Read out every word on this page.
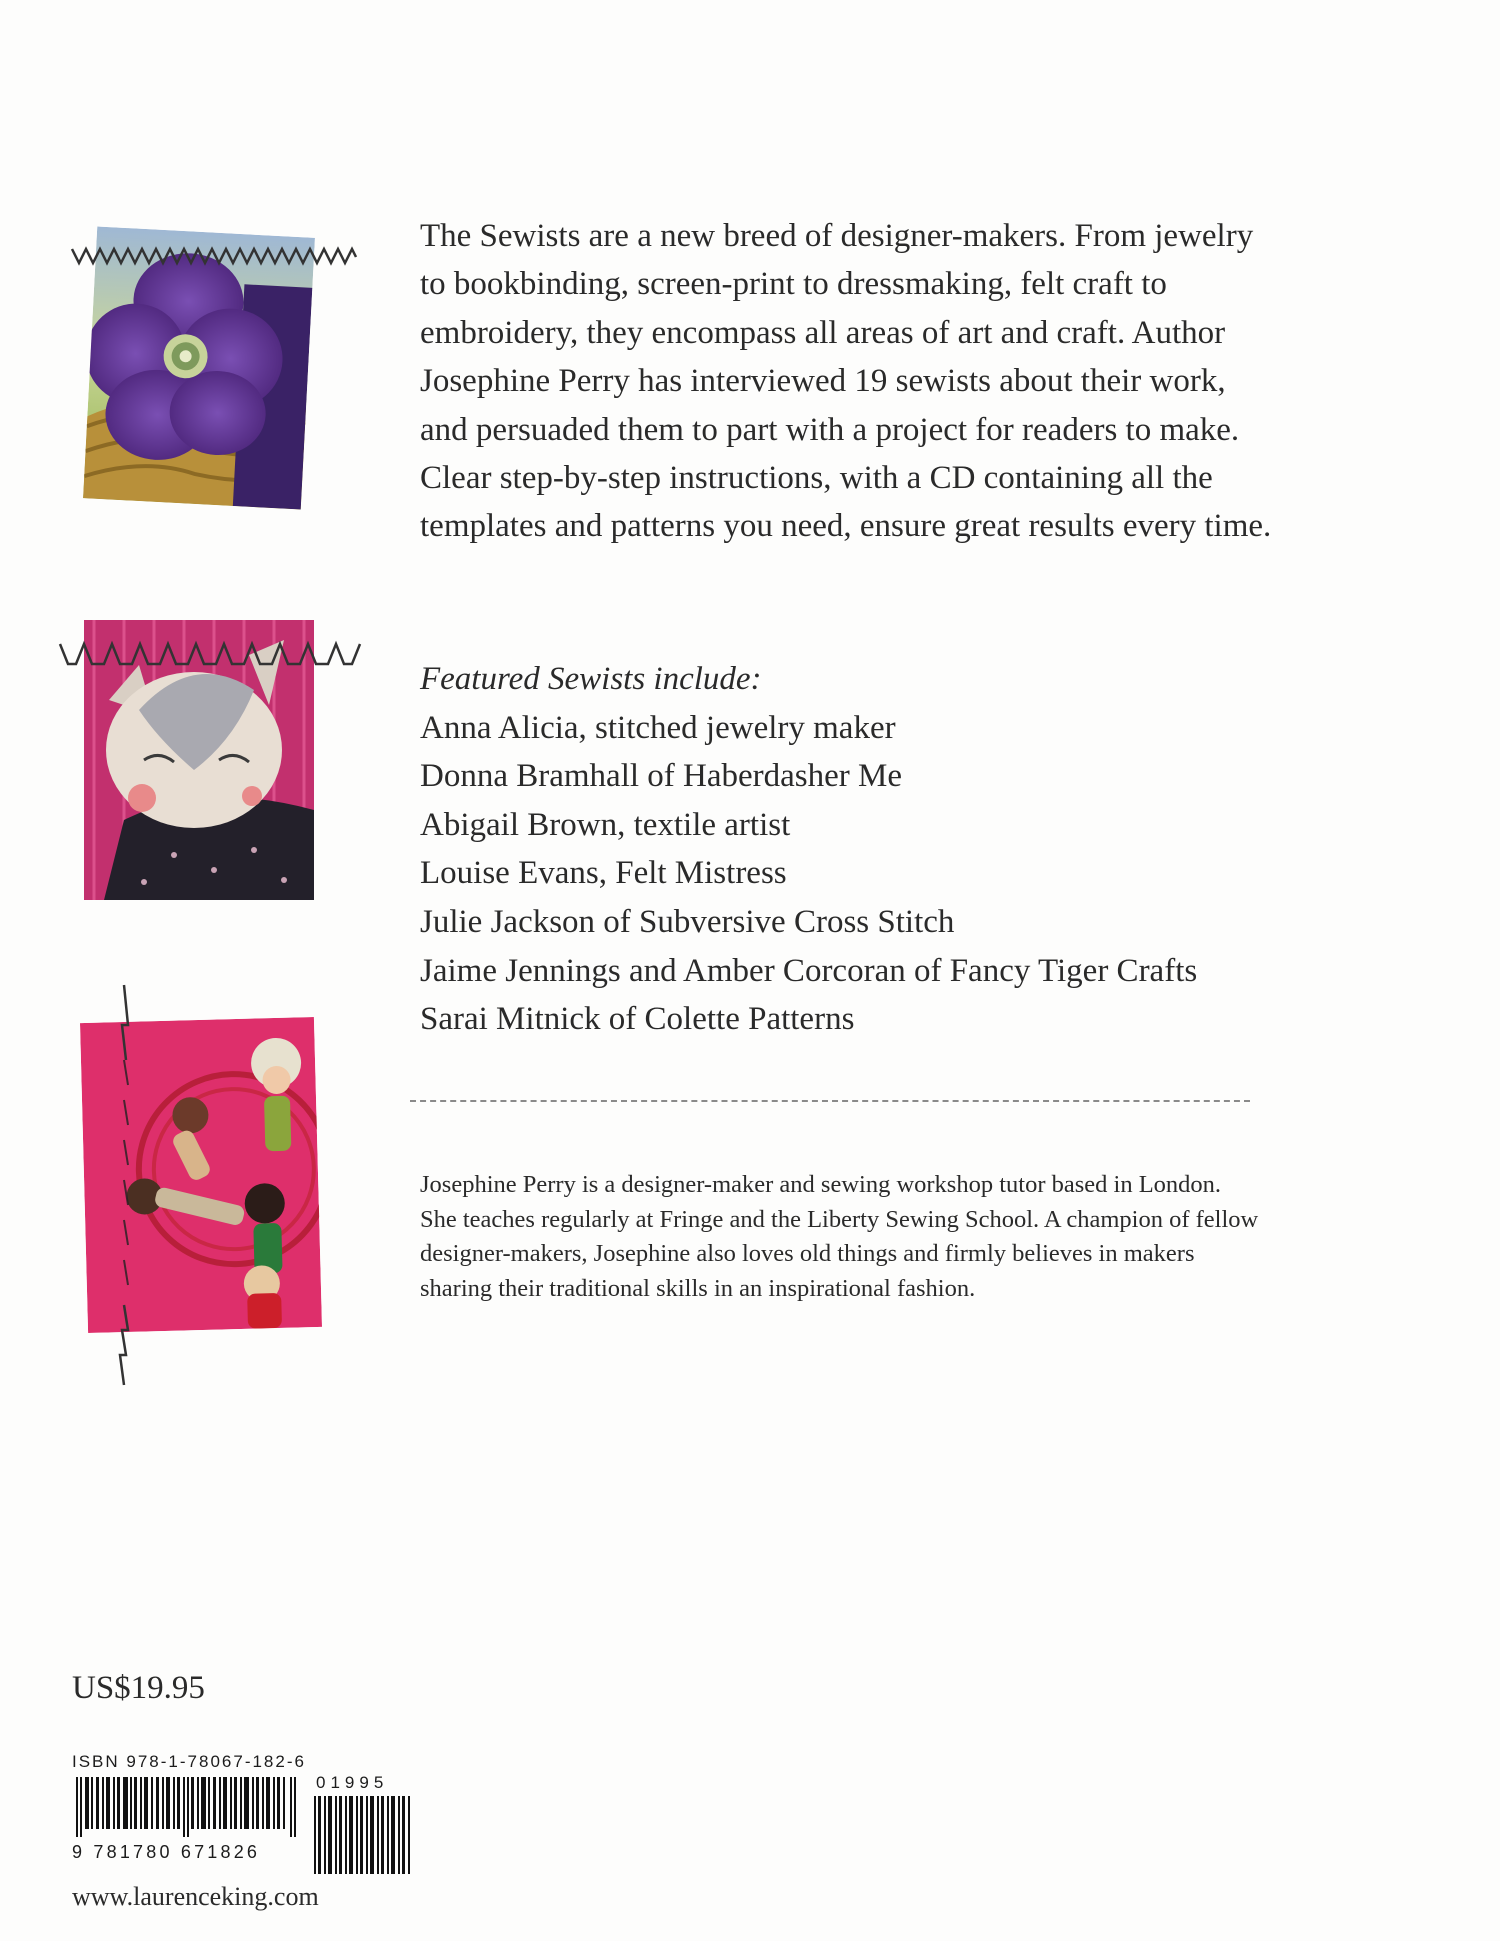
The Sewists are a new breed of designer-makers. From jewelry to bookbinding, screen-print to dressmaking, felt craft to embroidery, they encompass all areas of art and craft. Author Josephine Perry has interviewed 19 sewists about their work, and persuaded them to part with a project for readers to make. Clear step-by-step instructions, with a CD containing all the templates and patterns you need, ensure great results every time.

Featured Sewists include:
Anna Alicia, stitched jewelry maker
Donna Bramhall of Haberdasher Me
Abigail Brown, textile artist
Louise Evans, Felt Mistress
Julie Jackson of Subversive Cross Stitch
Jaime Jennings and Amber Corcoran of Fancy Tiger Crafts
Sarai Mitnick of Colette Patterns

Josephine Perry is a designer-maker and sewing workshop tutor based in London. She teaches regularly at Fringe and the Liberty Sewing School. A champion of fellow designer-makers, Josephine also loves old things and firmly believes in makers sharing their traditional skills in an inspirational fashion.

US$19.95
ISBN 978-1-78067-182-6
01995
9 781780 671826
www.laurenceking.com
